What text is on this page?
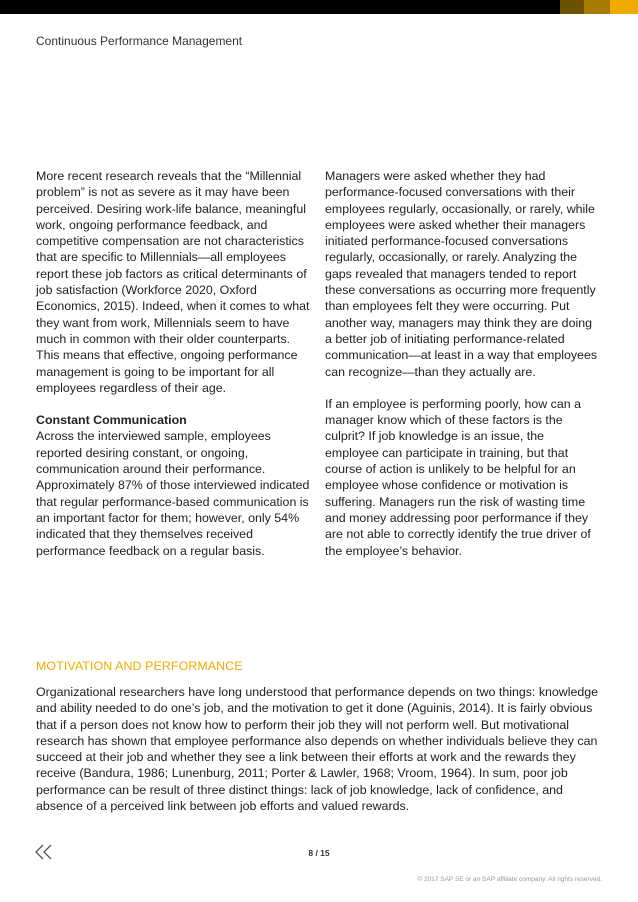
Continuous Performance Management

More recent research reveals that the “Millennial problem” is not as severe as it may have been perceived. Desiring work-life balance, meaningful work, ongoing performance feedback, and competitive compensation are not characteristics that are specific to Millennials—all employees report these job factors as critical determinants of job satisfaction (Workforce 2020, Oxford Economics, 2015). Indeed, when it comes to what they want from work, Millennials seem to have much in common with their older counterparts. This means that effective, ongoing performance management is going to be important for all employees regardless of their age.

Constant Communication

Across the interviewed sample, employees reported desiring constant, or ongoing, communication around their performance. Approximately 87% of those interviewed indicated that regular performance-based communication is an important factor for them; however, only 54% indicated that they themselves received performance feedback on a regular basis.

Managers were asked whether they had performance-focused conversations with their employees regularly, occasionally, or rarely, while employees were asked whether their managers initiated performance-focused conversations regularly, occasionally, or rarely. Analyzing the gaps revealed that managers tended to report these conversations as occurring more frequently than employees felt they were occurring. Put another way, managers may think they are doing a better job of initiating performance-related communication—at least in a way that employees can recognize—than they actually are.

If an employee is performing poorly, how can a manager know which of these factors is the culprit? If job knowledge is an issue, the employee can participate in training, but that course of action is unlikely to be helpful for an employee whose confidence or motivation is suffering. Managers run the risk of wasting time and money addressing poor performance if they are not able to correctly identify the true driver of the employee’s behavior.

MOTIVATION AND PERFORMANCE

Organizational researchers have long understood that performance depends on two things: knowledge and ability needed to do one’s job, and the motivation to get it done (Aguinis, 2014). It is fairly obvious that if a person does not know how to perform their job they will not perform well. But motivational research has shown that employee performance also depends on whether individuals believe they can succeed at their job and whether they see a link between their efforts at work and the rewards they receive (Bandura, 1986; Lunenburg, 2011; Porter & Lawler, 1968; Vroom, 1964). In sum, poor job performance can be result of three distinct things: lack of job knowledge, lack of confidence, and absence of a perceived link between job efforts and valued rewards.

8 / 15
© 2017 SAP SE or an SAP affiliate company. All rights reserved.
